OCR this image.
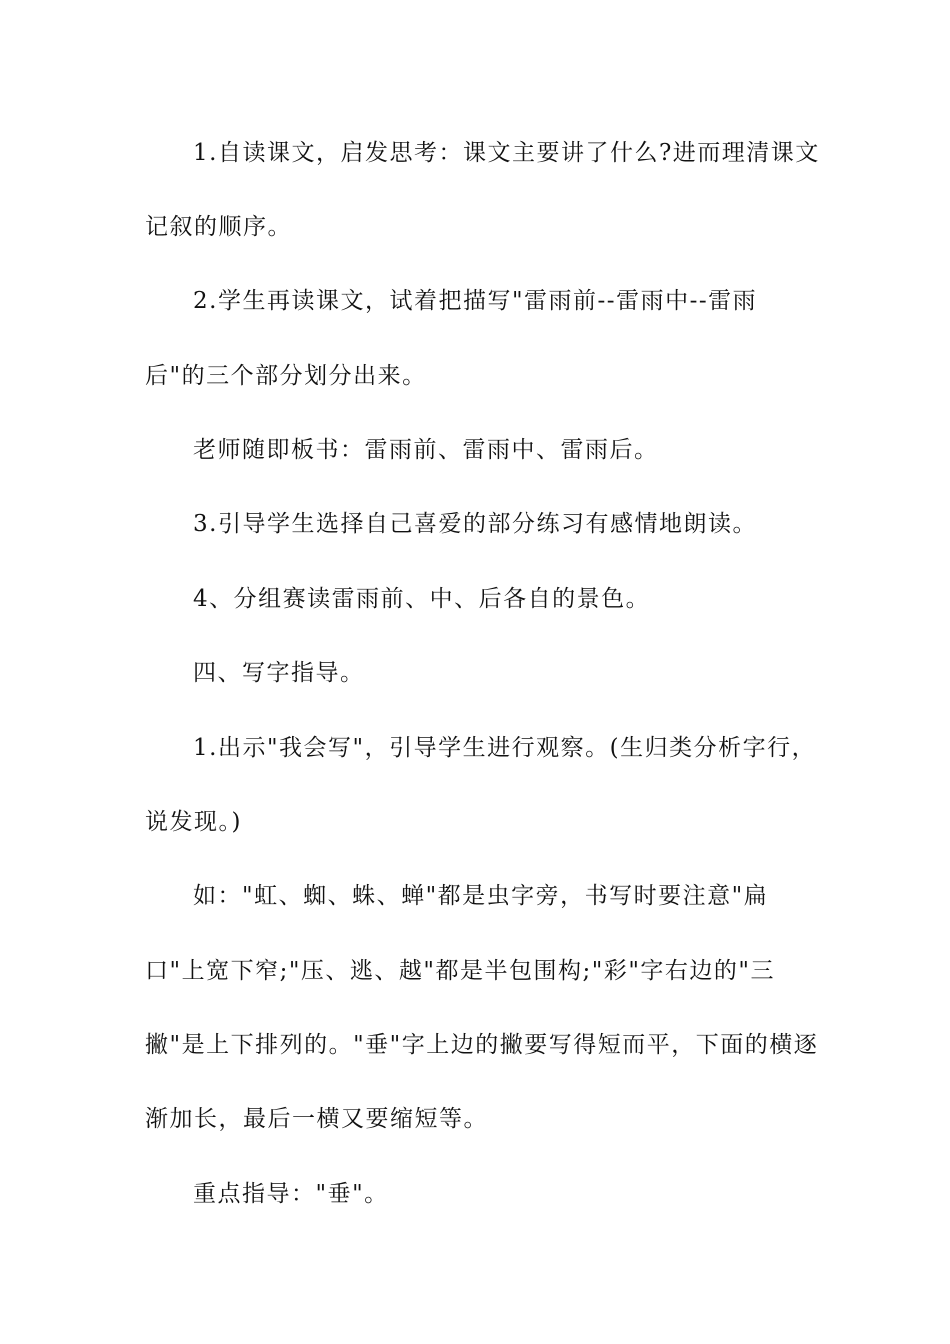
1.自读课文，启发思考：课文主要讲了什么?进而理清课文
记叙的顺序。
2.学生再读课文，试着把描写"雷雨前--雷雨中--雷雨
后"的三个部分划分出来。
老师随即板书：雷雨前、雷雨中、雷雨后。
3.引导学生选择自己喜爱的部分练习有感情地朗读。
4、分组赛读雷雨前、中、后各自的景色。
四、写字指导。
1.出示"我会写"，引导学生进行观察。(生归类分析字行，
说发现。)
如："虹、蜘、蛛、蝉"都是虫字旁，书写时要注意"扁
口"上宽下窄;"压、逃、越"都是半包围构;"彩"字右边的"三
撇"是上下排列的。"垂"字上边的撇要写得短而平，下面的横逐
渐加长，最后一横又要缩短等。
重点指导："垂"。
